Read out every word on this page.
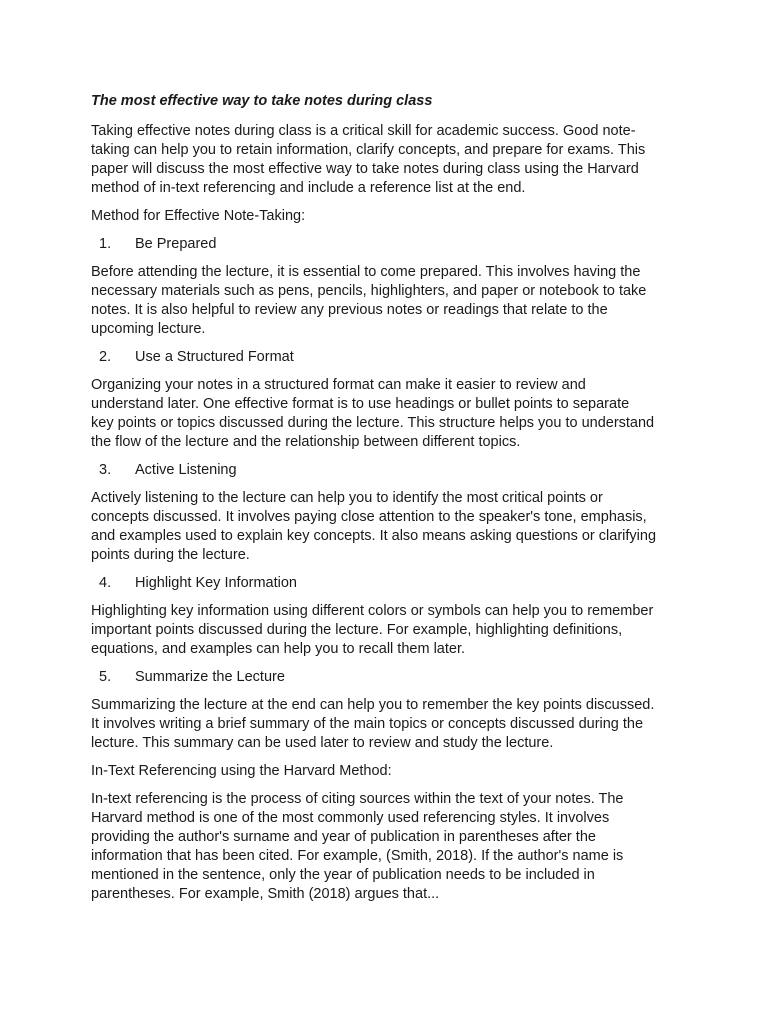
The most effective way to take notes during class

Taking effective notes during class is a critical skill for academic success. Good note-
taking can help you to retain information, clarify concepts, and prepare for exams. This
paper will discuss the most effective way to take notes during class using the Harvard
method of in-text referencing and include a reference list at the end.

Method for Effective Note-Taking:

1.	Be Prepared

Before attending the lecture, it is essential to come prepared. This involves having the
necessary materials such as pens, pencils, highlighters, and paper or notebook to take
notes. It is also helpful to review any previous notes or readings that relate to the
upcoming lecture.

2.	Use a Structured Format

Organizing your notes in a structured format can make it easier to review and
understand later. One effective format is to use headings or bullet points to separate
key points or topics discussed during the lecture. This structure helps you to understand
the flow of the lecture and the relationship between different topics.

3.	Active Listening

Actively listening to the lecture can help you to identify the most critical points or
concepts discussed. It involves paying close attention to the speaker's tone, emphasis,
and examples used to explain key concepts. It also means asking questions or clarifying
points during the lecture.

4.	Highlight Key Information

Highlighting key information using different colors or symbols can help you to remember
important points discussed during the lecture. For example, highlighting definitions,
equations, and examples can help you to recall them later.

5.	Summarize the Lecture

Summarizing the lecture at the end can help you to remember the key points discussed.
It involves writing a brief summary of the main topics or concepts discussed during the
lecture. This summary can be used later to review and study the lecture.

In-Text Referencing using the Harvard Method:

In-text referencing is the process of citing sources within the text of your notes. The
Harvard method is one of the most commonly used referencing styles. It involves
providing the author's surname and year of publication in parentheses after the
information that has been cited. For example, (Smith, 2018). If the author's name is
mentioned in the sentence, only the year of publication needs to be included in
parentheses. For example, Smith (2018) argues that...
